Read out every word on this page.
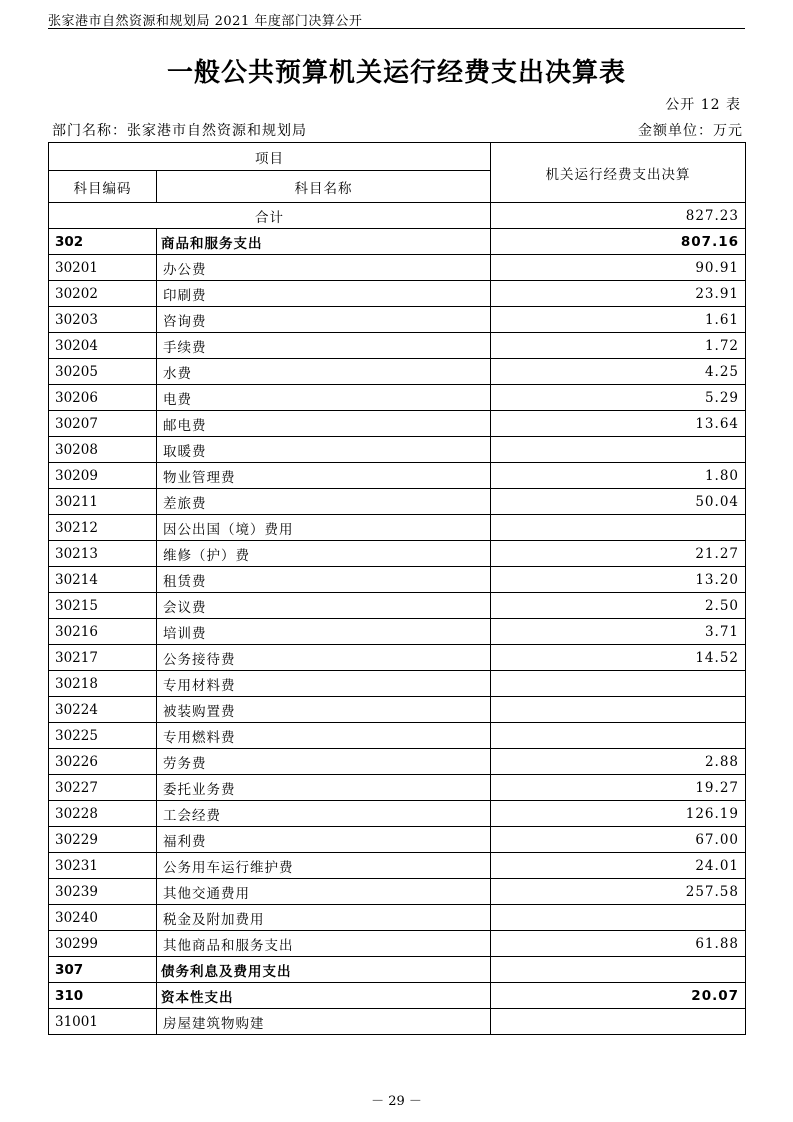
张家港市自然资源和规划局 2021 年度部门决算公开
一般公共预算机关运行经费支出决算表
公开 12 表
部门名称：张家港市自然资源和规划局	金额单位：万元
项目		机关运行经费支出决算
科目编码	科目名称	
合计		827.23
302	商品和服务支出	807.16
30201	办公费	90.91
30202	印刷费	23.91
30203	咨询费	1.61
30204	手续费	1.72
30205	水费	4.25
30206	电费	5.29
30207	邮电费	13.64
30208	取暖费	
30209	物业管理费	1.80
30211	差旅费	50.04
30212	因公出国（境）费用	
30213	维修（护）费	21.27
30214	租赁费	13.20
30215	会议费	2.50
30216	培训费	3.71
30217	公务接待费	14.52
30218	专用材料费	
30224	被装购置费	
30225	专用燃料费	
30226	劳务费	2.88
30227	委托业务费	19.27
30228	工会经费	126.19
30229	福利费	67.00
30231	公务用车运行维护费	24.01
30239	其他交通费用	257.58
30240	税金及附加费用	
30299	其他商品和服务支出	61.88
307	债务利息及费用支出	
310	资本性支出	20.07
31001	房屋建筑物购建	
－ 29 －
